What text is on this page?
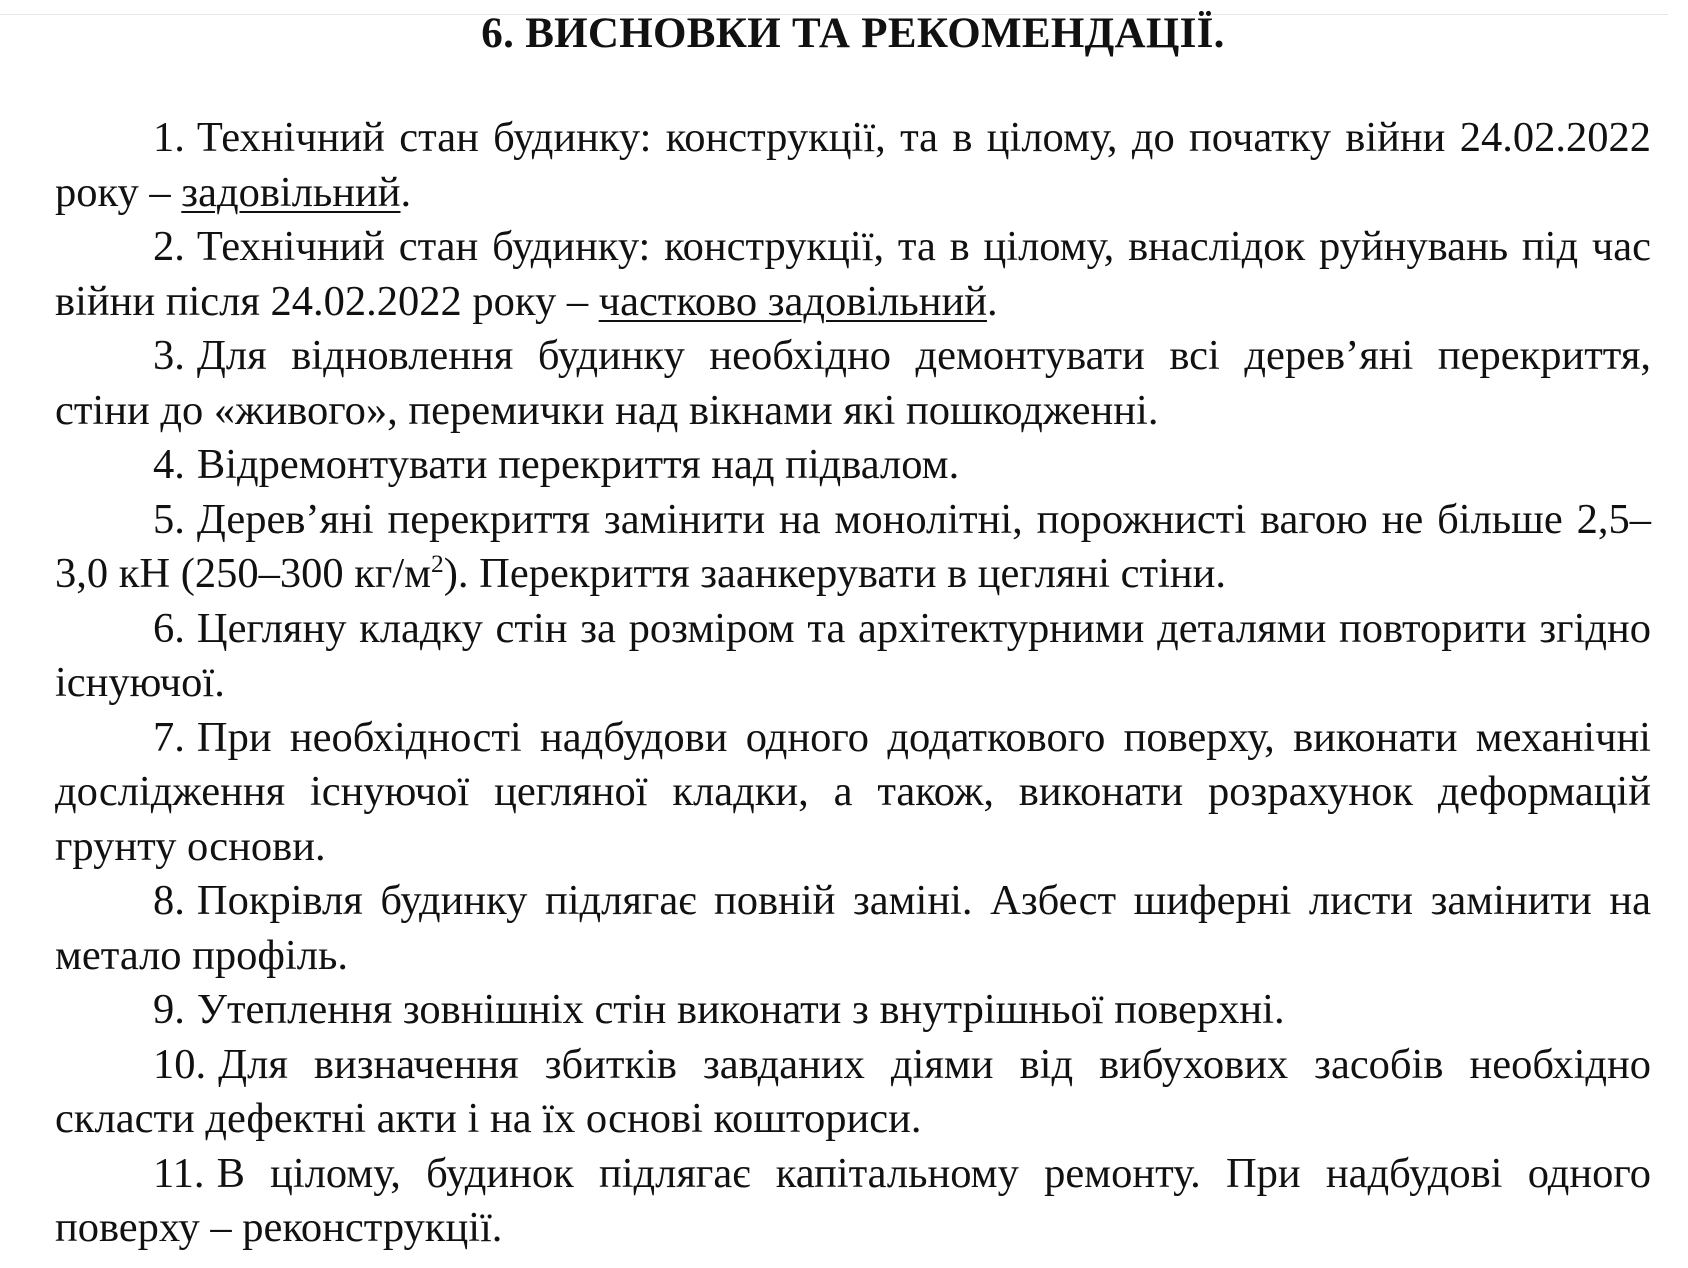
6. ВИСНОВКИ ТА РЕКОМЕНДАЦІЇ.

1. Технічний стан будинку: конструкції, та в цілому, до початку війни 24.02.2022 року – задовільний.

2. Технічний стан будинку: конструкції, та в цілому, внаслідок руйнувань під час війни після 24.02.2022 року – частково задовільний.

3. Для відновлення будинку необхідно демонтувати всі дерев’яні перекриття, стіни до «живого», перемички над вікнами які пошкодженні.

4. Відремонтувати перекриття над підвалом.

5. Дерев’яні перекриття замінити на монолітні, порожнисті вагою не більше 2,5–3,0 кН (250–300 $кг/м^2$). Перекриття заанкерувати в цегляні стіни.

6. Цегляну кладку стін за розміром та архітектурними деталями повторити згідно існуючої.

7. При необхідності надбудови одного додаткового поверху, виконати механічні дослідження існуючої цегляної кладки, а також, виконати розрахунок деформацій грунту основи.

8. Покрівля будинку підлягає повній заміні. Азбест шиферні листи замінити на метало профіль.

9. Утеплення зовнішніх стін виконати з внутрішньої поверхні.

10. Для визначення збитків завданих діями від вибухових засобів необхідно скласти дефектні акти і на їх основі кошториси.

11. В цілому, будинок підлягає капітальному ремонту. При надбудові одного поверху – реконструкції.
